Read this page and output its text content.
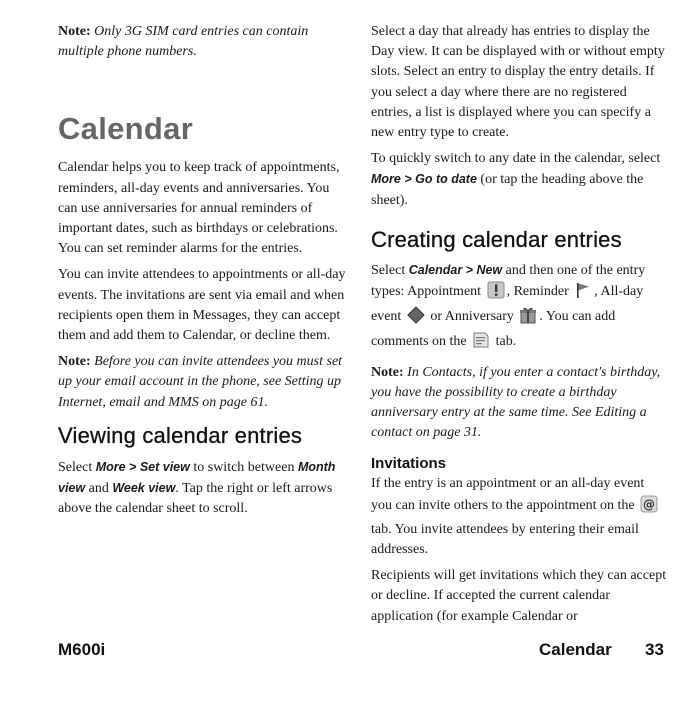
Note: Only 3G SIM card entries can contain multiple phone numbers.

Calendar

Calendar helps you to keep track of appointments, reminders, all-day events and anniversaries. You can use anniversaries for annual reminders of important dates, such as birthdays or celebrations. You can set reminder alarms for the entries.

You can invite attendees to appointments or all-day events. The invitations are sent via email and when recipients open them in Messages, they can accept them and add them to Calendar, or decline them.

Note: Before you can invite attendees you must set up your email account in the phone, see Setting up Internet, email and MMS on page 61.

Viewing calendar entries

Select More > Set view to switch between Month view and Week view. Tap the right or left arrows above the calendar sheet to scroll.

Select a day that already has entries to display the Day view. It can be displayed with or without empty slots. Select an entry to display the entry details. If you select a day where there are no registered entries, a list is displayed where you can specify a new entry type to create.

To quickly switch to any date in the calendar, select More > Go to date (or tap the heading above the sheet).

Creating calendar entries

Select Calendar > New and then one of the entry types: Appointment , Reminder , All-day event or Anniversary . You can add comments on the tab.

Note: In Contacts, if you enter a contact's birthday, you have the possibility to create a birthday anniversary entry at the same time. See Editing a contact on page 31.

Invitations

If the entry is an appointment or an all-day event you can invite others to the appointment on the @
tab. You invite attendees by entering their email addresses.

Recipients will get invitations which they can accept or decline. If accepted the current calendar application (for example Calendar or

M600i	Calendar 33
